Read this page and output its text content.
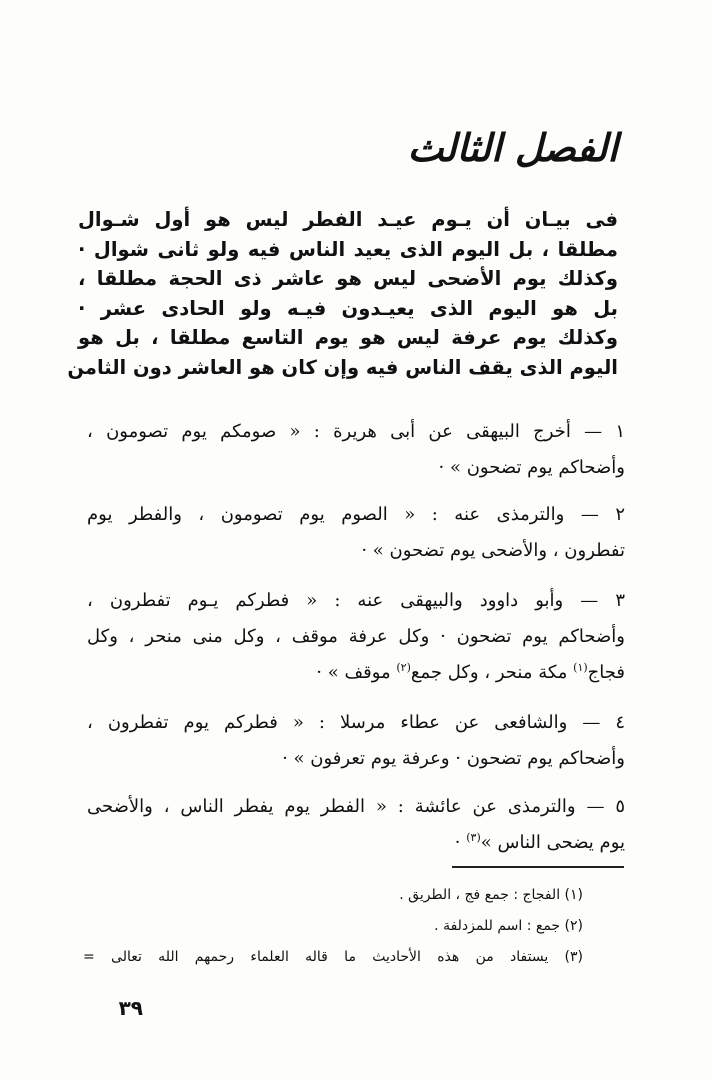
الفصل الثالث

فى بيـان أن يـوم عيـد الفطر ليس هو أول شـوال

مطلقا ، بل اليوم الذى يعيد الناس فيه ولو ثانى شوال ·

وكذلك يوم الأضحى ليس هو عاشر ذى الحجة مطلقا ،

بل هو اليوم الذى يعيـدون فيـه ولو الحادى عشر ·

وكذلك يوم عرفة ليس هو يوم التاسع مطلقا ، بل هو

اليوم الذى يقف الناس فيه وإن كان هو العاشر دون الثامن

١ — أخرج البيهقى عن أبى هريرة : « صومكم يوم تصومون ،

وأضحاكم يوم تضحون » ·

٢ — والترمذى عنه : « الصوم يوم تصومون ، والفطر يوم

تفطرون ، والأضحى يوم تضحون » ·

٣ — وأبو داوود والبيهقى عنه : « فطركم يـوم تفطرون ،

وأضحاكم يوم تضحون · وكل عرفة موقف ، وكل منى منحر ، وكل

فجاج$^{(١)}$ مكة منحر ، وكل جمع$^{(٢)}$ موقف » ·

٤ — والشافعى عن عطاء مرسلا : « فطركم يوم تفطرون ،

وأضحاكم يوم تضحون · وعرفة يوم تعرفون » ·

٥ — والترمذى عن عائشة : « الفطر يوم يفطر الناس ، والأضحى

يوم يضحى الناس »$^{(٣)}$ ·

(١) الفجاج : جمع فج ، الطريق .

(٢) جمع : اسم للمزدلفة .

(٣) يستفاد من هذه الأحاديث ما قاله العلماء رحمهم الله تعالى =

٣٩
